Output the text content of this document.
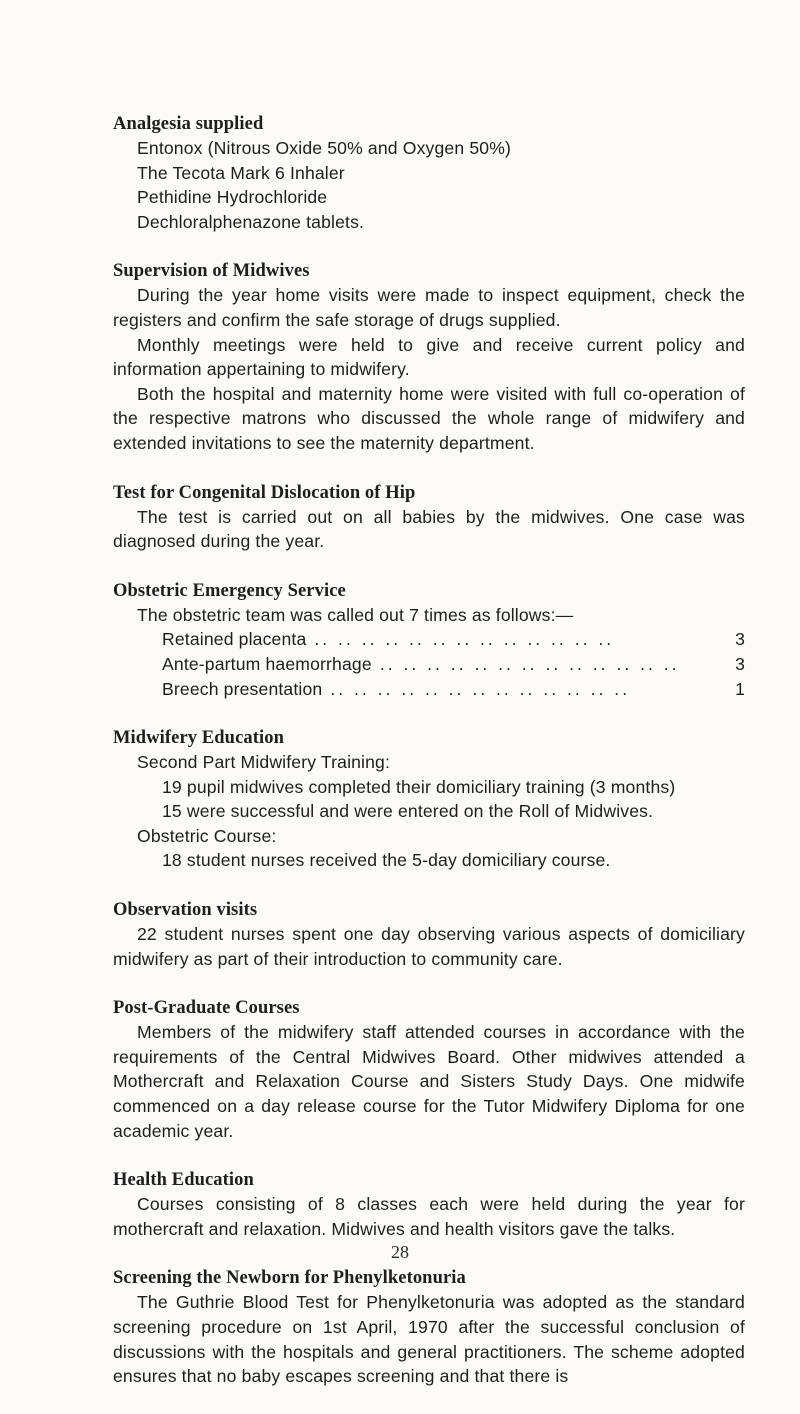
Analgesia supplied
Entonox (Nitrous Oxide 50% and Oxygen 50%)
The Tecota Mark 6 Inhaler
Pethidine Hydrochloride
Dechloralphenazone tablets.
Supervision of Midwives
During the year home visits were made to inspect equipment, check the registers and confirm the safe storage of drugs supplied.
Monthly meetings were held to give and receive current policy and information appertaining to midwifery.
Both the hospital and maternity home were visited with full co-operation of the respective matrons who discussed the whole range of midwifery and extended invitations to see the maternity department.
Test for Congenital Dislocation of Hip
The test is carried out on all babies by the midwives. One case was diagnosed during the year.
Obstetric Emergency Service
The obstetric team was called out 7 times as follows:—
Retained placenta .. .. .. .. .. .. .. .. .. .. .. .. ..	3
Ante-partum haemorrhage .. .. .. .. .. .. .. .. .. .. .. .. ..	3
Breech presentation .. .. .. .. .. .. .. .. .. .. .. .. ..	1
Midwifery Education
Second Part Midwifery Training:
19 pupil midwives completed their domiciliary training (3 months)
15 were successful and were entered on the Roll of Midwives.
Obstetric Course:
18 student nurses received the 5-day domiciliary course.
Observation visits
22 student nurses spent one day observing various aspects of domiciliary midwifery as part of their introduction to community care.
Post-Graduate Courses
Members of the midwifery staff attended courses in accordance with the requirements of the Central Midwives Board. Other midwives attended a Mothercraft and Relaxation Course and Sisters Study Days. One midwife commenced on a day release course for the Tutor Midwifery Diploma for one academic year.
Health Education
Courses consisting of 8 classes each were held during the year for mothercraft and relaxation. Midwives and health visitors gave the talks.
Screening the Newborn for Phenylketonuria
The Guthrie Blood Test for Phenylketonuria was adopted as the standard screening procedure on 1st April, 1970 after the successful conclusion of discussions with the hospitals and general practitioners. The scheme adopted ensures that no baby escapes screening and that there is
28
